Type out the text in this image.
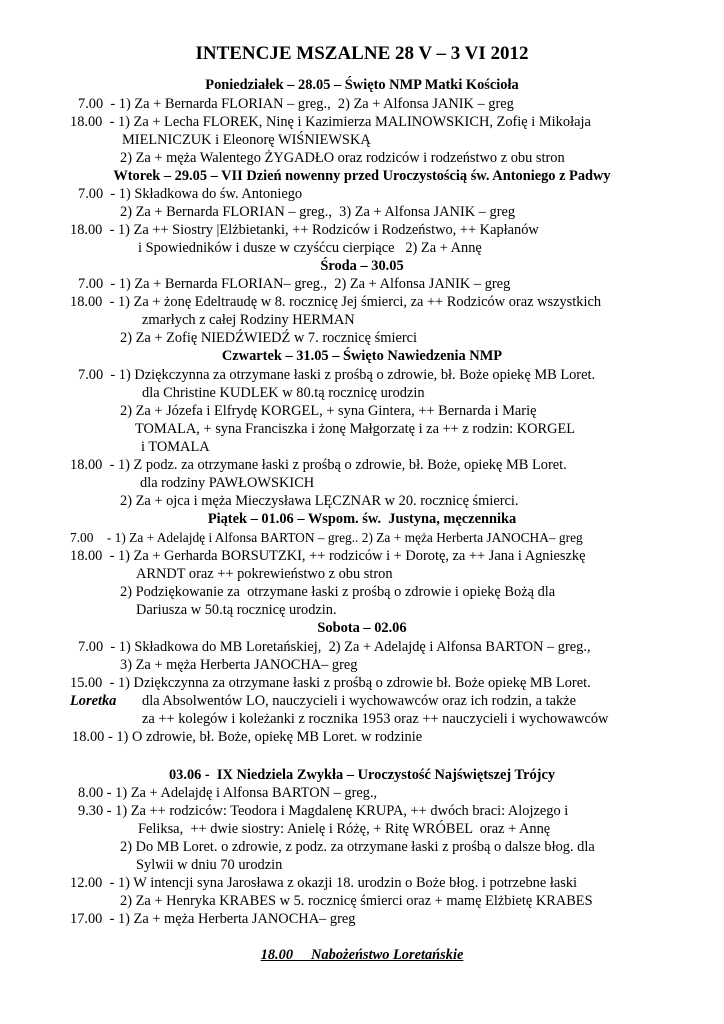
INTENCJE MSZALNE 28 V – 3 VI 2012
Poniedziałek – 28.05 – Święto NMP Matki Kościoła
7.00  - 1) Za + Bernarda FLORIAN – greg.,  2) Za + Alfonsa JANIK – greg
18.00  - 1) Za + Lecha FLOREK, Ninę i Kazimierza MALINOWSKICH, Zofię i Mikołaja
MIELNICZUK i Eleonorę WIŚNIEWSKĄ
2) Za + męża Walentego ŻYGADŁO oraz rodziców i rodzeństwo z obu stron
Wtorek – 29.05 – VII Dzień nowenny przed Uroczystością św. Antoniego z Padwy
7.00  - 1) Składkowa do św. Antoniego
2) Za + Bernarda FLORIAN – greg.,  3) Za + Alfonsa JANIK – greg
18.00  - 1) Za ++ Siostry |Elżbietanki, ++ Rodziców i Rodzeństwo, ++ Kapłanów
i Spowiedników i dusze w czyśćcu cierpiące   2) Za + Annę
Środa – 30.05
7.00  - 1) Za + Bernarda FLORIAN– greg.,  2) Za + Alfonsa JANIK – greg
18.00  - 1) Za + żonę Edeltraudę w 8. rocznicę Jej śmierci, za ++ Rodziców oraz wszystkich
zmarłych z całej Rodziny HERMAN
2) Za + Zofię NIEDŹWIEDŹ w 7. rocznicę śmierci
Czwartek – 31.05 – Święto Nawiedzenia NMP
7.00  - 1) Dziękczynna za otrzymane łaski z prośbą o zdrowie, bł. Boże opiekę MB Loret.
dla Christine KUDLEK w 80.tą rocznicę urodzin
2) Za + Józefa i Elfrydę KORGEL, + syna Gintera, ++ Bernarda i Marię
TOMALA, + syna Franciszka i żonę Małgorzatę i za ++ z rodzin: KORGEL
i TOMALA
18.00  - 1) Z podz. za otrzymane łaski z prośbą o zdrowie, bł. Boże, opiekę MB Loret.
dla rodziny PAWŁOWSKICH
2) Za + ojca i męża Mieczysława LĘCZNAR w 20. rocznicę śmierci.
Piątek – 01.06 – Wspom. św.  Justyna, męczennika
7.00    - 1) Za + Adelajdę i Alfonsa BARTON – greg.. 2) Za + męża Herberta JANOCHA– greg
18.00  - 1) Za + Gerharda BORSUTZKI, ++ rodziców i + Dorotę, za ++ Jana i Agnieszkę
ARNDT oraz ++ pokrewieństwo z obu stron
2) Podziękowanie za  otrzymane łaski z prośbą o zdrowie i opiekę Bożą dla
Dariusza w 50.tą rocznicę urodzin.
Sobota – 02.06
7.00  - 1) Składkowa do MB Loretańskiej,  2) Za + Adelajdę i Alfonsa BARTON – greg.,
3) Za + męża Herberta JANOCHA– greg
15.00  - 1) Dziękczynna za otrzymane łaski z prośbą o zdrowie bł. Boże opiekę MB Loret.
Loretka dla Absolwentów LO, nauczycieli i wychowawców oraz ich rodzin, a także
za ++ kolegów i koleżanki z rocznika 1953 oraz ++ nauczycieli i wychowawców
18.00 - 1) O zdrowie, bł. Boże, opiekę MB Loret. w rodzinie
03.06 -  IX Niedziela Zwykła – Uroczystość Najświętszej Trójcy
8.00 - 1) Za + Adelajdę i Alfonsa BARTON – greg.,
9.30 - 1) Za ++ rodziców: Teodora i Magdalenę KRUPA, ++ dwóch braci: Alojzego i
Feliksa,  ++ dwie siostry: Anielę i Różę, + Ritę WRÓBEL  oraz + Annę
2) Do MB Loret. o zdrowie, z podz. za otrzymane łaski z prośbą o dalsze błog. dla
Sylwii w dniu 70 urodzin
12.00  - 1) W intencji syna Jarosława z okazji 18. urodzin o Boże błog. i potrzebne łaski
2) Za + Henryka KRABES w 5. rocznicę śmierci oraz + mamę Elżbietę KRABES
17.00  - 1) Za + męża Herberta JANOCHA– greg
18.00 Nabożeństwo Loretańskie
